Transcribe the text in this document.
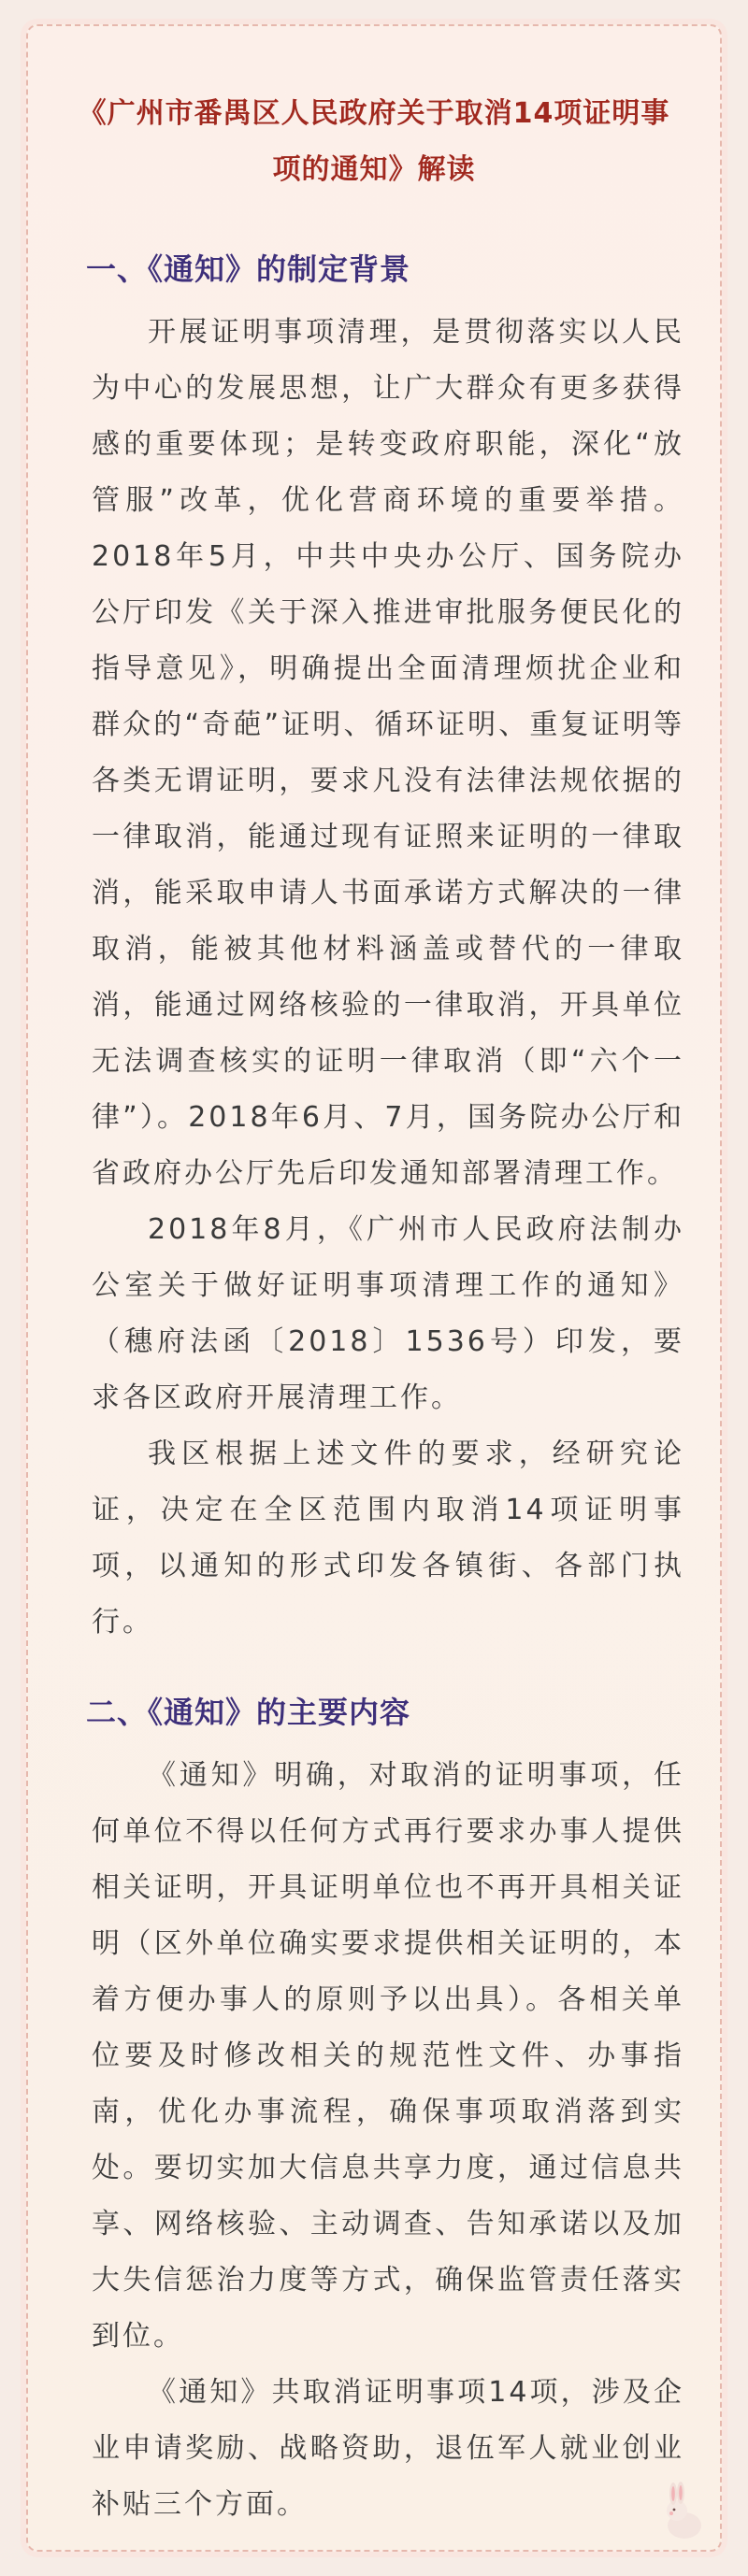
《广州市番禺区人民政府关于取消14项证明事项的通知》解读
一、《通知》的制定背景

开展证明事项清理，是贯彻落实以人民为中心的发展思想，让广大群众有更多获得感的重要体现；是转变政府职能，深化“放管服”改革，优化营商环境的重要举措。2018年5月，中共中央办公厅、国务院办公厅印发《关于深入推进审批服务便民化的指导意见》，明确提出全面清理烦扰企业和群众的“奇葩”证明、循环证明、重复证明等各类无谓证明，要求凡没有法律法规依据的一律取消，能通过现有证照来证明的一律取消，能采取申请人书面承诺方式解决的一律取消，能被其他材料涵盖或替代的一律取消，能通过网络核验的一律取消，开具单位无法调查核实的证明一律取消（即“六个一律”）。2018年6月、7月，国务院办公厅和省政府办公厅先后印发通知部署清理工作。

2018年8月，《广州市人民政府法制办公室关于做好证明事项清理工作的通知》（穗府法函〔2018〕1536号）印发，要求各区政府开展清理工作。

我区根据上述文件的要求，经研究论证，决定在全区范围内取消14项证明事项，以通知的形式印发各镇街、各部门执行。

二、《通知》的主要内容

《通知》明确，对取消的证明事项，任何单位不得以任何方式再行要求办事人提供相关证明，开具证明单位也不再开具相关证明（区外单位确实要求提供相关证明的，本着方便办事人的原则予以出具）。各相关单位要及时修改相关的规范性文件、办事指南，优化办事流程，确保事项取消落到实处。要切实加大信息共享力度，通过信息共享、网络核验、主动调查、告知承诺以及加大失信惩治力度等方式，确保监管责任落实到位。

《通知》共取消证明事项14项，涉及企业申请奖励、战略资助，退伍军人就业创业补贴三个方面。
